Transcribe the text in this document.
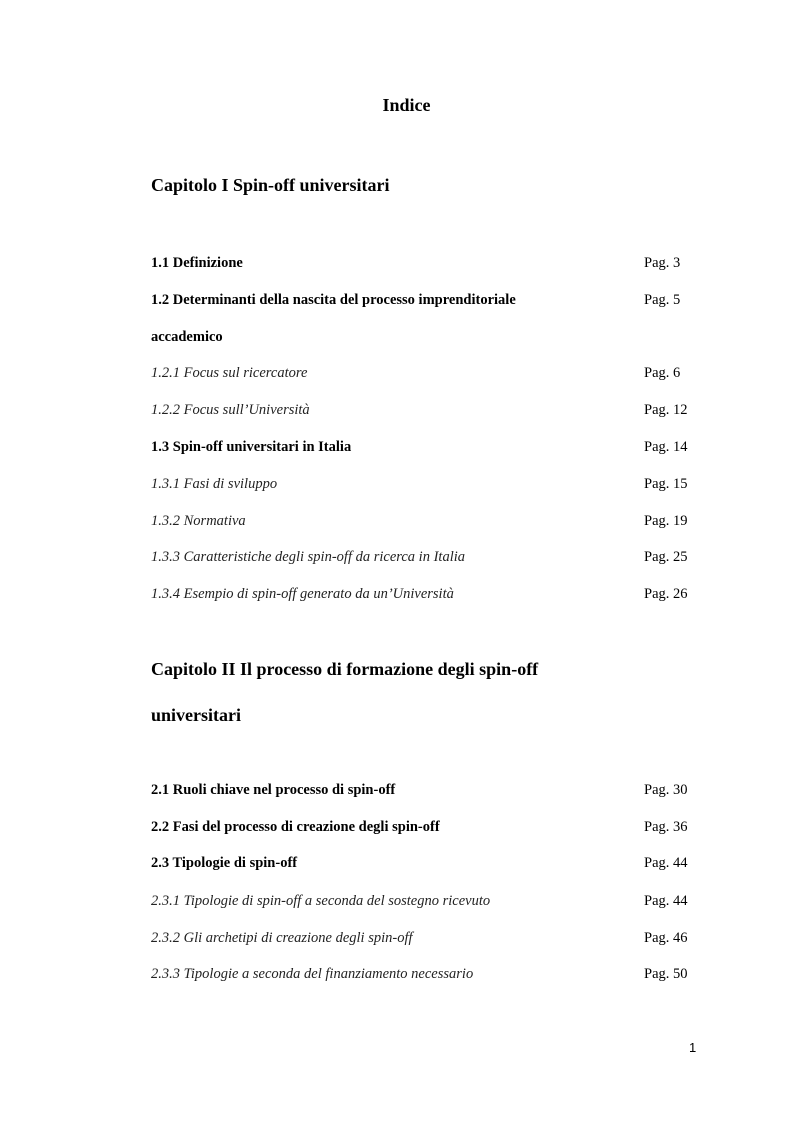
Indice
Capitolo I Spin-off universitari
1.1 Definizione	Pag. 3
1.2 Determinanti della nascita del processo imprenditoriale	Pag. 5
accademico
1.2.1 Focus sul ricercatore	Pag. 6
1.2.2 Focus sull’Università	Pag. 12
1.3 Spin-off universitari in Italia	Pag. 14
1.3.1 Fasi di sviluppo	Pag. 15
1.3.2 Normativa	Pag. 19
1.3.3 Caratteristiche degli spin-off da ricerca in Italia	Pag. 25
1.3.4 Esempio di spin-off generato da un’Università	Pag. 26
Capitolo II Il processo di formazione degli spin-off
universitari
2.1 Ruoli chiave nel processo di spin-off	Pag. 30
2.2 Fasi del processo di creazione degli spin-off	Pag. 36
2.3 Tipologie di spin-off	Pag. 44
2.3.1 Tipologie di spin-off a seconda del sostegno ricevuto	Pag. 44
2.3.2 Gli archetipi di creazione degli spin-off	Pag. 46
2.3.3 Tipologie a seconda del finanziamento necessario	Pag. 50
1
